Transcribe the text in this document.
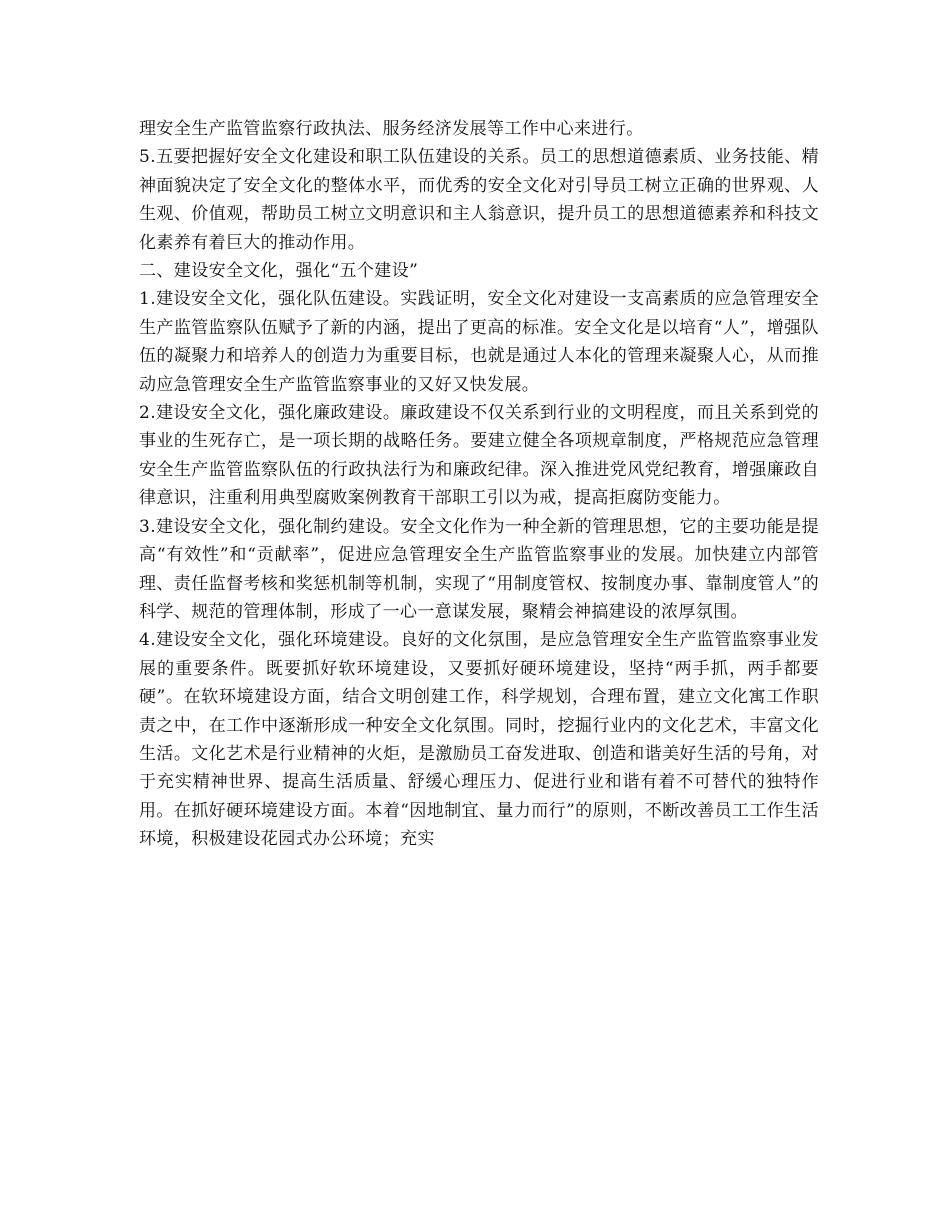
理安全生产监管监察行政执法、服务经济发展等工作中心来进行。

5.五要把握好安全文化建设和职工队伍建设的关系。员工的思想道德素质、业务技能、精神面貌决定了安全文化的整体水平，而优秀的安全文化对引导员工树立正确的世界观、人生观、价值观，帮助员工树立文明意识和主人翁意识，提升员工的思想道德素养和科技文化素养有着巨大的推动作用。

二、建设安全文化，强化“五个建设”

1.建设安全文化，强化队伍建设。实践证明，安全文化对建设一支高素质的应急管理安全生产监管监察队伍赋予了新的内涵，提出了更高的标准。安全文化是以培育“人”，增强队伍的凝聚力和培养人的创造力为重要目标，也就是通过人本化的管理来凝聚人心，从而推动应急管理安全生产监管监察事业的又好又快发展。

2.建设安全文化，强化廉政建设。廉政建设不仅关系到行业的文明程度，而且关系到党的事业的生死存亡，是一项长期的战略任务。要建立健全各项规章制度，严格规范应急管理安全生产监管监察队伍的行政执法行为和廉政纪律。深入推进党风党纪教育，增强廉政自律意识，注重利用典型腐败案例教育干部职工引以为戒，提高拒腐防变能力。

3.建设安全文化，强化制约建设。安全文化作为一种全新的管理思想，它的主要功能是提高“有效性”和“贡献率”，促进应急管理安全生产监管监察事业的发展。加快建立内部管理、责任监督考核和奖惩机制等机制，实现了“用制度管权、按制度办事、靠制度管人”的科学、规范的管理体制，形成了一心一意谋发展，聚精会神搞建设的浓厚氛围。

4.建设安全文化，强化环境建设。良好的文化氛围，是应急管理安全生产监管监察事业发展的重要条件。既要抓好软环境建设，又要抓好硬环境建设，坚持“两手抓，两手都要硬”。在软环境建设方面，结合文明创建工作，科学规划，合理布置，建立文化寓工作职责之中，在工作中逐渐形成一种安全文化氛围。同时，挖掘行业内的文化艺术，丰富文化生活。文化艺术是行业精神的火炬，是激励员工奋发进取、创造和谐美好生活的号角，对于充实精神世界、提高生活质量、舒缓心理压力、促进行业和谐有着不可替代的独特作用。在抓好硬环境建设方面。本着“因地制宜、量力而行”的原则，不断改善员工工作生活环境，积极建设花园式办公环境；充实
